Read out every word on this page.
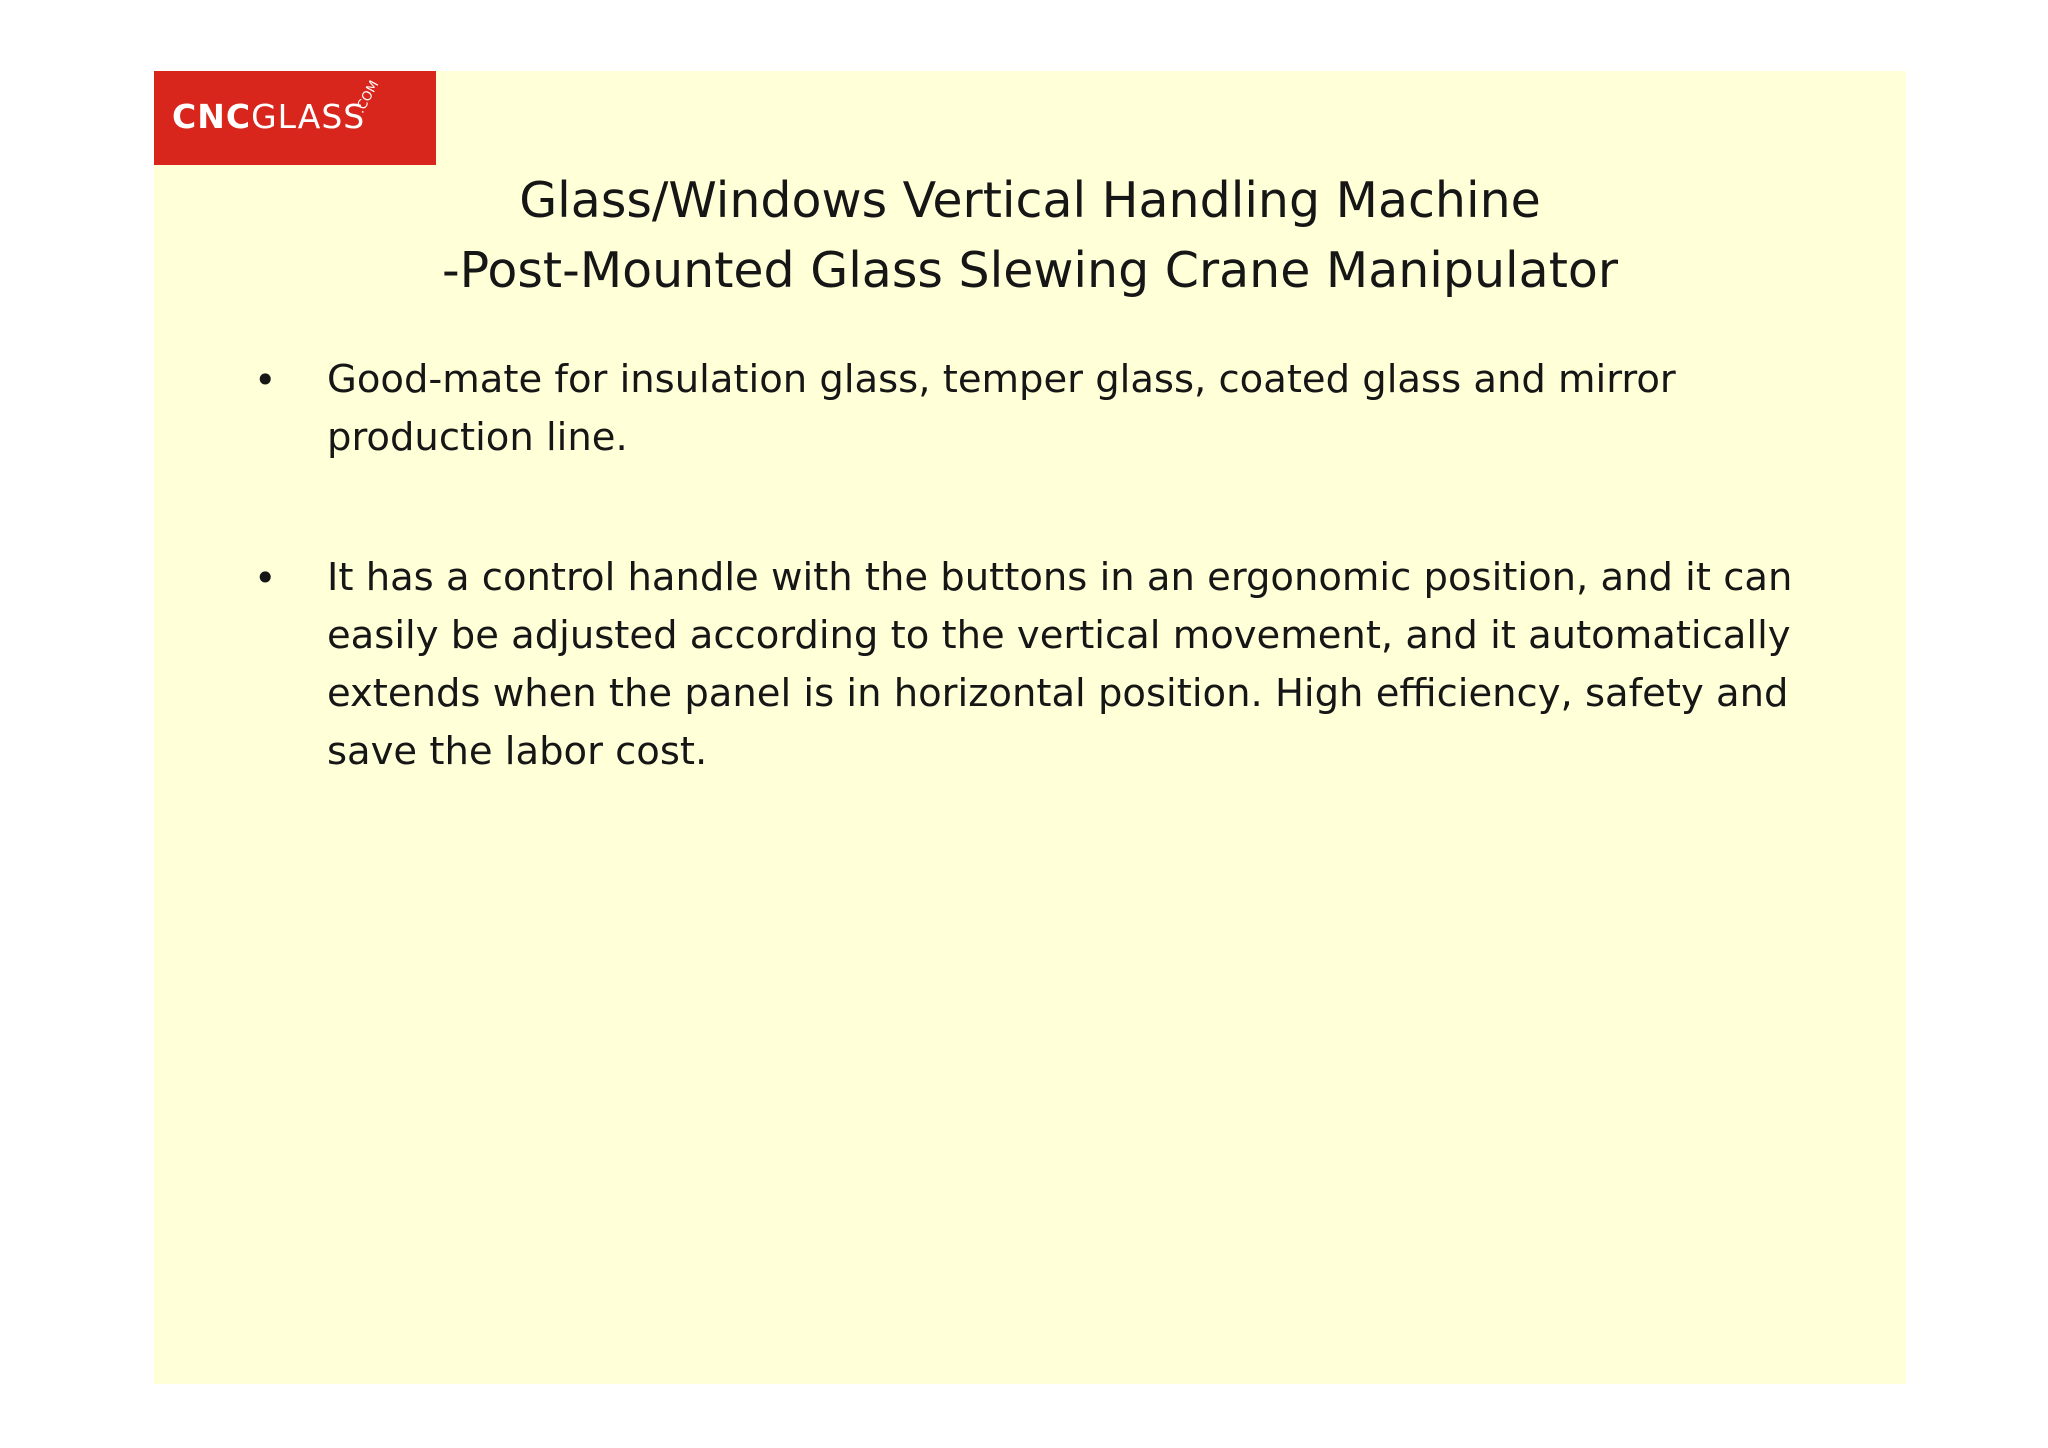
CNCGLASS
.COM
Glass/Windows Vertical Handling Machine
-Post-Mounted Glass Slewing Crane Manipulator
• Good-mate for insulation glass, temper glass, coated glass and mirror production line.
• It has a control handle with the buttons in an ergonomic position, and it can easily be adjusted according to the vertical movement, and it automatically extends when the panel is in horizontal position. High efficiency, safety and save the labor cost.
